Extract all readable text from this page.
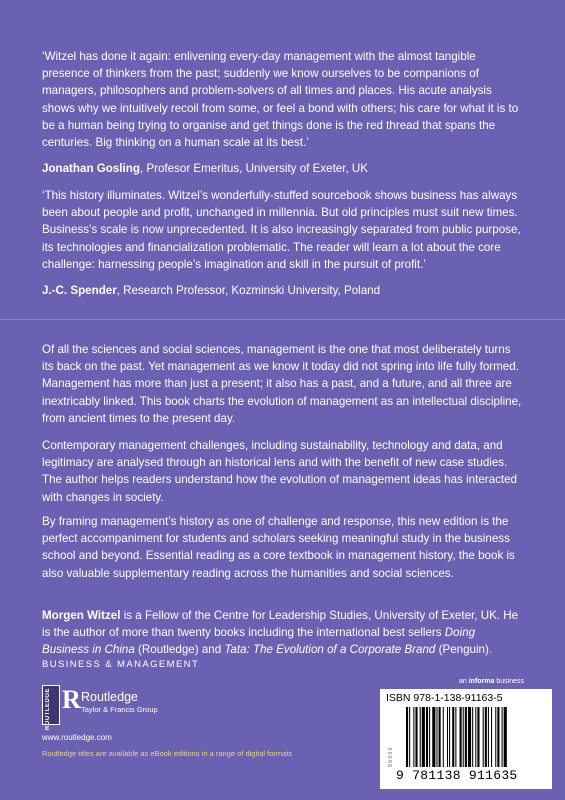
‘Witzel has done it again: enlivening every-day management with the almost tangible presence of thinkers from the past; suddenly we know ourselves to be companions of managers, philosophers and problem-solvers of all times and places. His acute analysis shows why we intuitively recoil from some, or feel a bond with others; his care for what it is to be a human being trying to organise and get things done is the red thread that spans the centuries. Big thinking on a human scale at its best.’

Jonathan Gosling, Profesor Emeritus, University of Exeter, UK

‘This history illuminates. Witzel’s wonderfully-stuffed sourcebook shows business has always been about people and profit, unchanged in millennia. But old principles must suit new times. Business’s scale is now unprecedented. It is also increasingly separated from public purpose, its technologies and financialization problematic. The reader will learn a lot about the core challenge: harnessing people’s imagination and skill in the pursuit of profit.’

J.-C. Spender, Research Professor, Kozminski University, Poland

Of all the sciences and social sciences, management is the one that most deliberately turns its back on the past. Yet management as we know it today did not spring into life fully formed. Management has more than just a present; it also has a past, and a future, and all three are inextricably linked. This book charts the evolution of management as an intellectual discipline, from ancient times to the present day.

Contemporary management challenges, including sustainability, technology and data, and legitimacy are analysed through an historical lens and with the benefit of new case studies. The author helps readers understand how the evolution of management ideas has interacted with changes in society.

By framing management’s history as one of challenge and response, this new edition is the perfect accompaniment for students and scholars seeking meaningful study in the business school and beyond. Essential reading as a core textbook in management history, the book is also valuable supplementary reading across the humanities and social sciences.

Morgen Witzel is a Fellow of the Centre for Leadership Studies, University of Exeter, UK. He is the author of more than twenty books including the international best sellers Doing Business in China (Routledge) and Tata: The Evolution of a Corporate Brand (Penguin).

BUSINESS & MANAGEMENT

ROUTLEDGE R Routledge
Taylor & Francis Group

www.routledge.com

Routledge titles are available as eBook editions in a range of digital formats

an informa business

ISBN 978-1-138-91163-5

9 0 0 0 0

9 781138 911635
